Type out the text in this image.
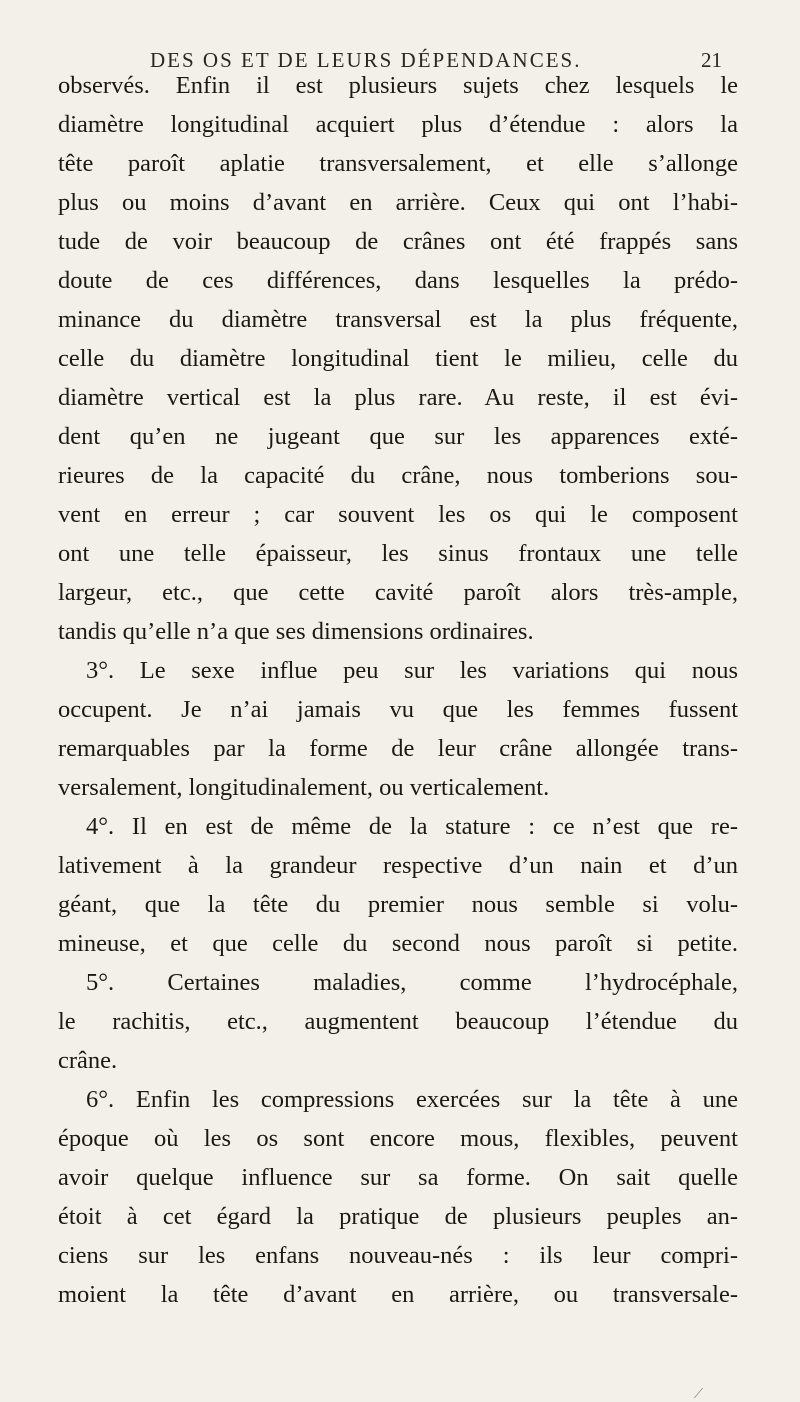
DES OS ET DE LEURS DÉPENDANCES.	21
observés. Enfin il est plusieurs sujets chez lesquels le
diamètre longitudinal acquiert plus d’étendue : alors la
tête paroît aplatie transversalement, et elle s’allonge
plus ou moins d’avant en arrière. Ceux qui ont l’habi-
tude de voir beaucoup de crânes ont été frappés sans
doute de ces différences, dans lesquelles la prédo-
minance du diamètre transversal est la plus fréquente,
celle du diamètre longitudinal tient le milieu, celle du
diamètre vertical est la plus rare. Au reste, il est évi-
dent qu’en ne jugeant que sur les apparences exté-
rieures de la capacité du crâne, nous tomberions sou-
vent en erreur ; car souvent les os qui le composent
ont une telle épaisseur, les sinus frontaux une telle
largeur, etc., que cette cavité paroît alors très-ample,
tandis qu’elle n’a que ses dimensions ordinaires.
3°. Le sexe influe peu sur les variations qui nous
occupent. Je n’ai jamais vu que les femmes fussent
remarquables par la forme de leur crâne allongée trans-
versalement, longitudinalement, ou verticalement.
4°. Il en est de même de la stature : ce n’est que re-
lativement à la grandeur respective d’un nain et d’un
géant, que la tête du premier nous semble si volu-
mineuse, et que celle du second nous paroît si petite.
5°. Certaines maladies, comme l’hydrocéphale,
le rachitis, etc., augmentent beaucoup l’étendue du
crâne.
6°. Enfin les compressions exercées sur la tête à une
époque où les os sont encore mous, flexibles, peuvent
avoir quelque influence sur sa forme. On sait quelle
étoit à cet égard la pratique de plusieurs peuples an-
ciens sur les enfans nouveau-nés : ils leur compri-
moient la tête d’avant en arrière, ou transversale-
